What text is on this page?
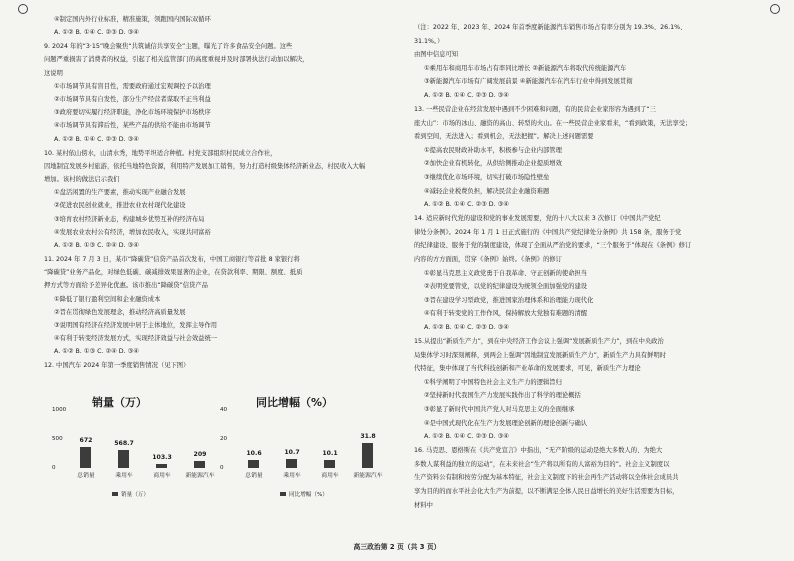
④制定国内外行业标准，精准施策，领跑国内国际双循环
A. ①② B. ①④ C. ②③ D. ③④
9. 2024 年的“3·15”晚会聚焦“共筑诚信共享安全”主题，曝光了许多食品安全问题。这些
问题严重损害了消费者的权益，引起了相关监管部门的高度重视并及时部署执法行动加以解决，
这说明
①市场调节具有盲目性，需要政府通过宏观调控予以治理
②市场调节具有自发性，部分生产经营者谋取不正当利益
③政府要切实履行经济职能，净化市场环境保护市场秩序
④市场调节具有滞后性，某些产品的供给不能由市场调节
A. ①② B. ①④ C. ②③ D. ③④
10. 某村依山傍水，山清水秀，地势平坦适合种植。村党支部组织村民成立合作社，
因地制宜发展乡村旅游，依托当地特色资源，利用特产发展加工销售，努力打造村级集体经济新业态，村民收入大幅
增加。该村的做法启示我们
①盘活闲置的生产要素，推动实现产业融合发展
②促进农民创业就业，推进农业农村现代化建设
③培育农村经济新业态，构建城乡优势互补的经济布局
④发展农业农村公有经济，增加农民收入，实现共同富裕
A. ①② B. ①③ C. ②④ D. ③④
11. 2024 年 7 月 3 日，某市“降碳贷”信贷产品首次发布，中国工商银行等首批 8 家银行将
“降碳贷”业务产品化，对绿色低碳、碳减排效果显著的企业，在贷款利率、期限、额度、抵质
押方式等方面给予差异化优惠。该市推出“降碳贷”信贷产品
①降低了银行盈利空间和企业融资成本
②旨在贯彻绿色发展理念，推动经济高质量发展
③说明国有经济在经济发展中居于主体地位，发挥主导作用
④有利于转变经济发展方式，实现经济效益与社会效益统一
A. ①② B. ①③ C. ②④ D. ③④
12. 中国汽车 2024 年第一季度销售情况（见下图）
（注：2022 年、2023 年、2024 年首季度新能源汽车销售市场占有率分别为 19.3%、26.1%、
31.1%。）
由图中信息可知
①乘用车和商用车市场占有率同比增长 ②新能源汽车将取代传统能源汽车
③新能源汽车市场有广阔发展前景 ④新能源汽车在汽车行业中得到发展贯彻
A. ①② B. ①④ C. ②③ D. ③④
13. 一些民营企业在经营发展中遇到不少困难和问题，有的民营企业家形容为遇到了“三
座大山”：市场的冰山、融资的高山、转型的火山。在一些民营企业家看来，“看到政策，无法享受；
看到空间，无法进入；看到机会，无法把握”。解决上述问题需要
①提高农民财政补助水平，积极参与企业内部管理
②加快企业有机转化，从供给侧推动企业提质增效
③继续优化市场环境，切实打破市场隐性壁垒
④减轻企业税费负担，解决民营企业融资难题
A. ①② B. ①④ C. ②③ D. ③④
14. 适应新时代党的建设和党的事业发展需要，党的十八大以来 3 次修订《中国共产党纪
律处分条例》。2024 年 1 月 1 日正式施行的《中国共产党纪律处分条例》共 158 条，服务于党
的纪律建设、服务于党的制度建设，体现了全面从严治党的要求，“三个服务于”体现在《条例》修订
内容的方方面面，贯穿《条例》始终。《条例》的修订
①彰显马克思主义政党勇于自我革命、守正创新的使命担当
②表明党要管党，以党的纪律建设为统领全面加强党的建设
③旨在建设学习型政党，推进国家治理体系和治理能力现代化
④有利于转变党的工作作风，保持解放大党独有难题的清醒
A. ①② B. ①④ C. ②③ D. ③④
15.从提出“新质生产力”，到在中央经济工作会议上强调“发展新质生产力”，到在中央政治
局集体学习时深刻阐释，到两会上强调“因地制宜发展新质生产力”，新质生产力具有鲜明时
代特征，集中体现了当代科技创新和产业革命的发展要求，可见，新质生产力理论
①科学阐明了中国特色社会主义生产力的逻辑旨归
②坚持新时代我国生产力发展实践作出了科学的理论概括
③彰显了新时代中国共产党人对马克思主义的全面继承
④是中国式现代化在生产力发展理论创新的理论创新与确认
A. ①② B. ①④ C. ②③ D. ③④
16. 马克思、恩格斯在《共产党宣言》中指出，“无产阶级的运动是绝大多数人的、为绝大
多数人谋利益的独立的运动”，在未来社会“生产将以所有的人富裕为目的”。社会主义制度以
生产资料公有制和按劳分配为基本特征，社会主义制度下的社会再生产活动将以全体社会成员共
享为目的的而水平社会化大生产为前提，以不断满足全体人民日益增长的美好生活需要为目标，
材料中
销量（万）	同比增幅（%）
1000
500
0
672
总销量
568.7
乘用车
103.3
商用车
209
新能源汽车
销量（万）
40
20
0
10.6
总销量
10.7
乘用车
10.1
商用车
31.8
新能源汽车
同比增幅（%）
高三政治第 2 页（共 3 页）
